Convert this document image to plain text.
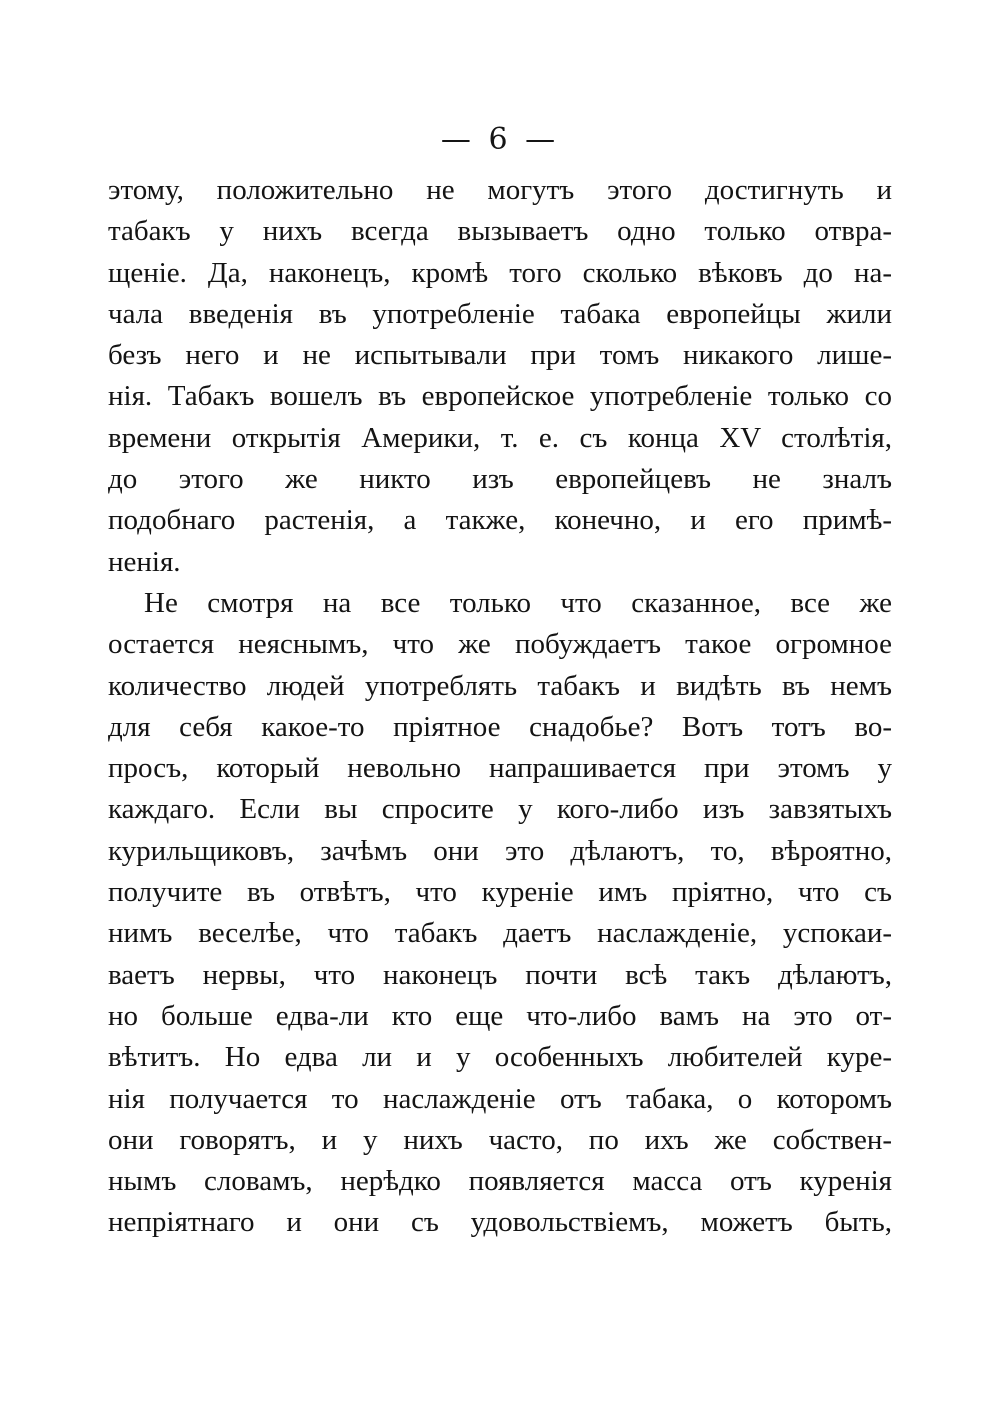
— 6 —
этому, положительно не могутъ этого достигнуть и
табакъ у нихъ всегда вызываетъ одно только отвра-
щеніе. Да, наконецъ, кромѣ того сколько вѣковъ до на-
чала введенія въ употребленіе табака европейцы жили
безъ него и не испытывали при томъ никакого лише-
нія. Табакъ вошелъ въ европейское употребленіе только со
времени открытія Америки, т. е. съ конца XV столѣтія,
до этого же никто изъ европейцевъ не зналъ
подобнаго растенія, а также, конечно, и его примѣ-
ненія.
Не смотря на все только что сказанное, все же
остается неяснымъ, что же побуждаетъ такое огромное
количество людей употреблять табакъ и видѣть въ немъ
для себя какое-то пріятное снадобье? Вотъ тотъ во-
просъ, который невольно напрашивается при этомъ у
каждаго. Если вы спросите у кого-либо изъ завзятыхъ
курильщиковъ, зачѣмъ они это дѣлаютъ, то, вѣроятно,
получите въ отвѣтъ, что куреніе имъ пріятно, что съ
нимъ веселѣе, что табакъ даетъ наслажденіе, успокаи-
ваетъ нервы, что наконецъ почти всѣ такъ дѣлаютъ,
но больше едва-ли кто еще что-либо вамъ на это от-
вѣтитъ. Но едва ли и у особенныхъ любителей куре-
нія получается то наслажденіе отъ табака, о которомъ
они говорятъ, и у нихъ часто, по ихъ же собствен-
нымъ словамъ, нерѣдко появляется масса отъ куренія
непріятнаго и они съ удовольствіемъ, можетъ быть,
